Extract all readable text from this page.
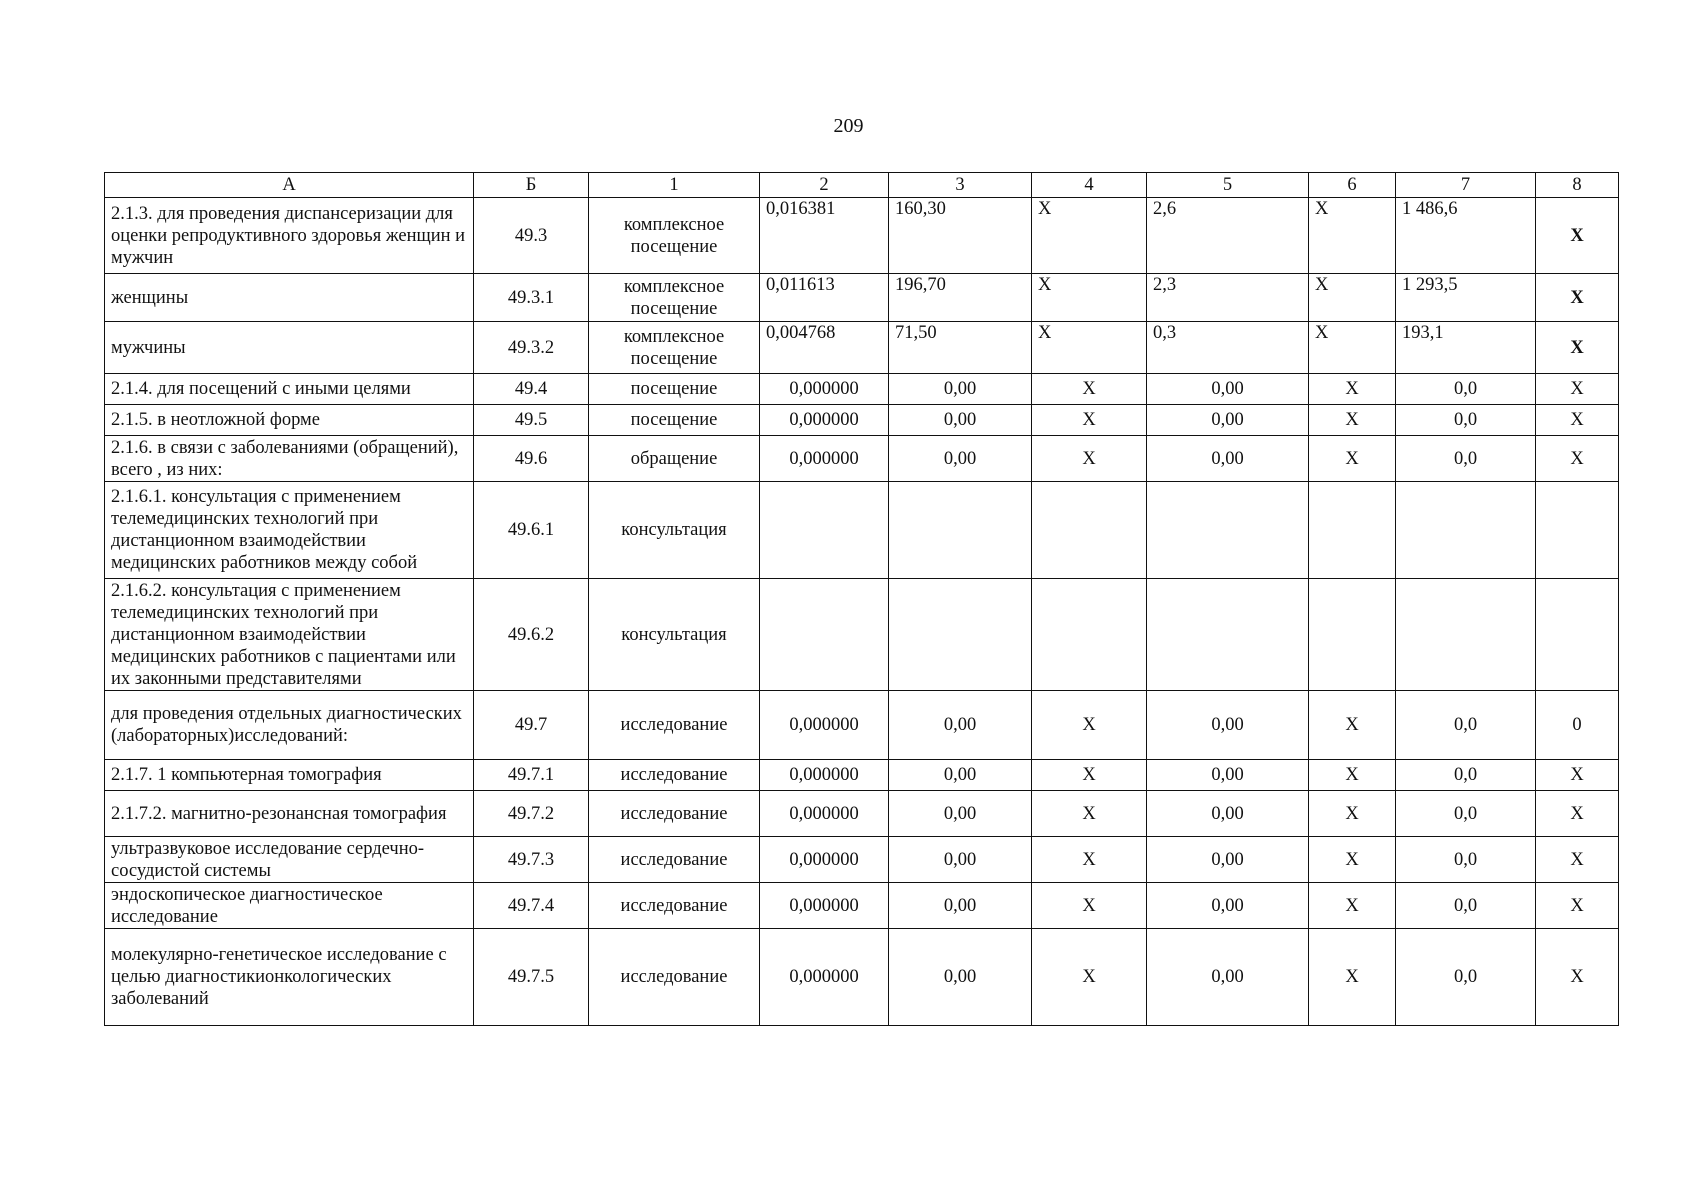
209
А	Б	1	2	3	4	5	6	7	8
2.1.3. для проведения диспансеризации для оценки репродуктивного здоровья женщин и мужчин	49.3	комплексное посещение	0,016381	160,30	Х	2,6	Х	1 486,6	Х
женщины	49.3.1	комплексное посещение	0,011613	196,70	Х	2,3	Х	1 293,5	Х
мужчины	49.3.2	комплексное посещение	0,004768	71,50	Х	0,3	Х	193,1	Х
2.1.4. для посещений с иными целями	49.4	посещение	0,000000	0,00	Х	0,00	Х	0,0	Х
2.1.5. в неотложной форме	49.5	посещение	0,000000	0,00	Х	0,00	Х	0,0	Х
2.1.6. в связи с заболеваниями (обращений), всего , из них:	49.6	обращение	0,000000	0,00	Х	0,00	Х	0,0	Х
2.1.6.1. консультация с применением телемедицинских технологий при дистанционном взаимодействии медицинских работников между собой	49.6.1	консультация							
2.1.6.2. консультация с применением телемедицинских технологий при дистанционном взаимодействии медицинских работников с пациентами или их законными представителями	49.6.2	консультация							
для проведения отдельных диагностических (лабораторных)исследований:	49.7	исследование	0,000000	0,00	Х	0,00	Х	0,0	0
2.1.7. 1 компьютерная томография	49.7.1	исследование	0,000000	0,00	Х	0,00	Х	0,0	Х
2.1.7.2. магнитно-резонансная томография	49.7.2	исследование	0,000000	0,00	Х	0,00	Х	0,0	Х
ультразвуковое исследование сердечно-сосудистой системы	49.7.3	исследование	0,000000	0,00	Х	0,00	Х	0,0	Х
эндоскопическое диагностическое исследование	49.7.4	исследование	0,000000	0,00	Х	0,00	Х	0,0	Х
молекулярно-генетическое исследование с целью диагностикионкологических заболеваний	49.7.5	исследование	0,000000	0,00	Х	0,00	Х	0,0	Х
